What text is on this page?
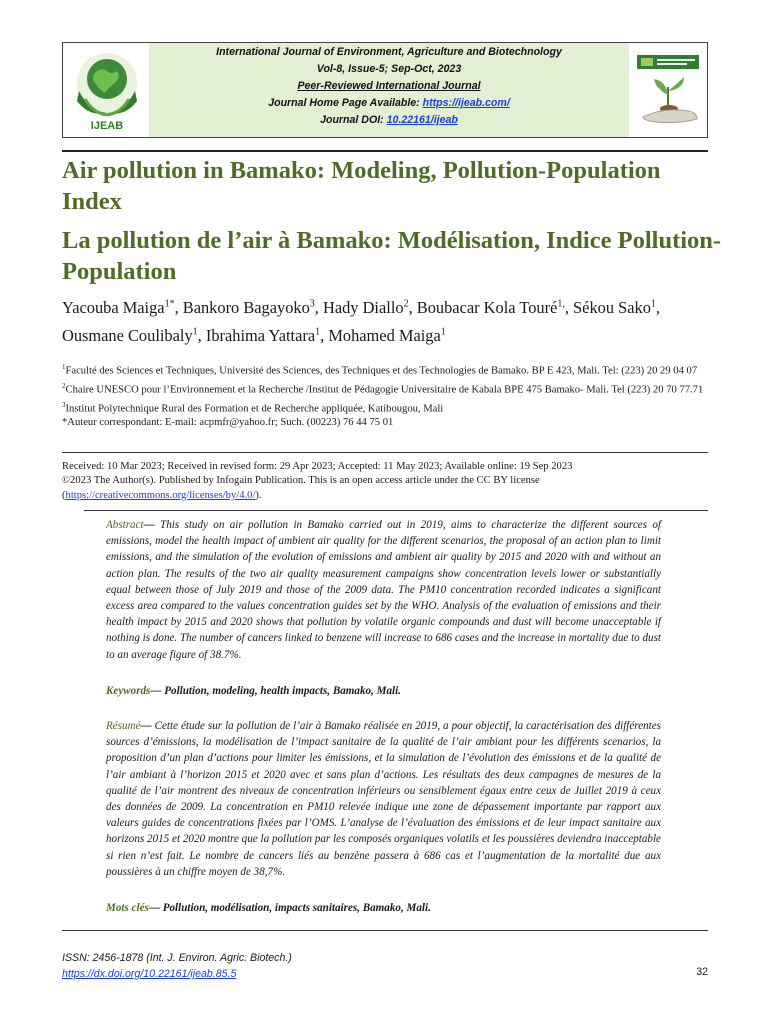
IJEAB
International Journal of Environment, Agriculture and Biotechnology
Vol-8, Issue-5; Sep-Oct, 2023
Peer-Reviewed International Journal
Journal Home Page Available: https://ijeab.com/
Journal DOI: 10.22161/ijeab
Air pollution in Bamako: Modeling, Pollution-Population Index
La pollution de l’air à Bamako: Modélisation, Indice Pollution-Population
Yacouba Maiga$^{1*}$, Bankoro Bagayoko$^3$, Hady Diallo$^2$, Boubacar Kola Touré$^{1,}$, Sékou Sako$^1$, Ousmane Coulibaly$^1$, Ibrahima Yattara$^1$, Mohamed Maiga$^1$
$^1$Faculté des Sciences et Techniques, Université des Sciences, des Techniques et des Technologies de Bamako. BP E 423, Mali. Tel: (223) 20 29 04 07
$^2$Chaire UNESCO pour l’Environnement et la Recherche /Institut de Pédagogie Universitaire de Kabala BPE 475 Bamako- Mali. Tel (223) 20 70 77.71
$^3$Institut Polytechnique Rural des Formation et de Recherche appliquée, Katibougou, Mali
*Auteur correspondant: E-mail: acpmfr@yahoo.fr; Such. (00223) 76 44 75 01
Received: 10 Mar 2023; Received in revised form: 29 Apr 2023; Accepted: 11 May 2023; Available online: 19 Sep 2023
©2023 The Author(s). Published by Infogain Publication. This is an open access article under the CC BY license
(https://creativecommons.org/licenses/by/4.0/).
Abstract— This study on air pollution in Bamako carried out in 2019, aims to characterize the different sources of emissions, model the health impact of ambient air quality for the different scenarios, the proposal of an action plan to limit emissions, and the simulation of the evolution of emissions and ambient air quality by 2015 and 2020 with and without an action plan. The results of the two air quality measurement campaigns show concentration levels lower or substantially equal between those of July 2019 and those of the 2009 data. The PM10 concentration recorded indicates a significant excess area compared to the values concentration guides set by the WHO. Analysis of the evaluation of emissions and their health impact by 2015 and 2020 shows that pollution by volatile organic compounds and dust will become unacceptable if nothing is done. The number of cancers linked to benzene will increase to 686 cases and the increase in mortality due to dust to an average figure of 38.7%.
Keywords— Pollution, modeling, health impacts, Bamako, Mali.
Résumé— Cette étude sur la pollution de l’air à Bamako réalisée en 2019, a pour objectif, la caractérisation des différentes sources d’émissions, la modélisation de l’impact sanitaire de la qualité de l’air ambiant pour les différents scenarios, la proposition d’un plan d’actions pour limiter les émissions, et la simulation de l’évolution des émissions et de la qualité de l’air ambiant à l’horizon 2015 et 2020 avec et sans plan d’actions. Les résultats des deux campagnes de mesures de la qualité de l’air montrent des niveaux de concentration inférieurs ou sensiblement égaux entre ceux de Juillet 2019 à ceux des données de 2009. La concentration en PM10 relevée indique une zone de dépassement importante par rapport aux valeurs guides de concentrations fixées par l’OMS. L’analyse de l’évaluation des émissions et de leur impact sanitaire aux horizons 2015 et 2020 montre que la pollution par les composés organiques volatils et les poussières deviendra inacceptable si rien n’est fait. Le nombre de cancers liés au benzène passera à 686 cas et l’augmentation de la mortalité due aux poussières à un chiffre moyen de 38,7%.
Mots clés— Pollution, modélisation, impacts sanitaires, Bamako, Mali.
ISSN: 2456-1878 (Int. J. Environ. Agric. Biotech.)
https://dx.doi.org/10.22161/ijeab.85.5	32
